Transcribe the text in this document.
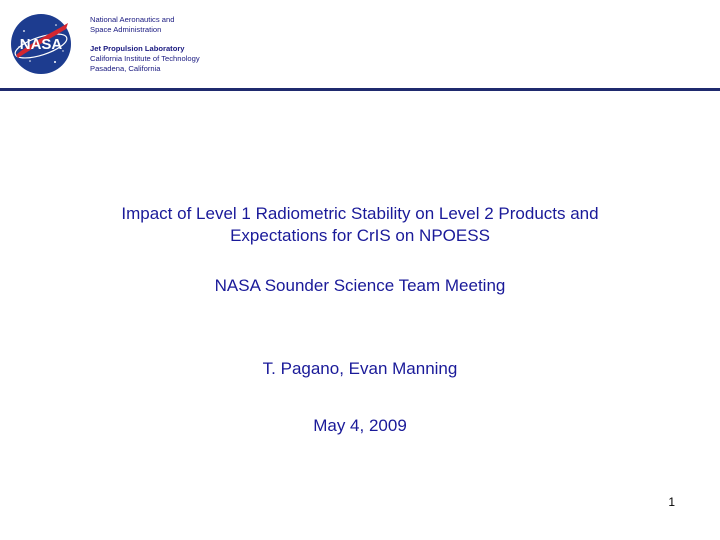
NASA
National Aeronautics and
Space Administration
Jet Propulsion Laboratory
California Institute of Technology
Pasadena, California
Impact of Level 1 Radiometric Stability on Level 2 Products and
Expectations for CrIS on NPOESS
NASA Sounder Science Team Meeting
T. Pagano, Evan Manning
May 4, 2009
1
